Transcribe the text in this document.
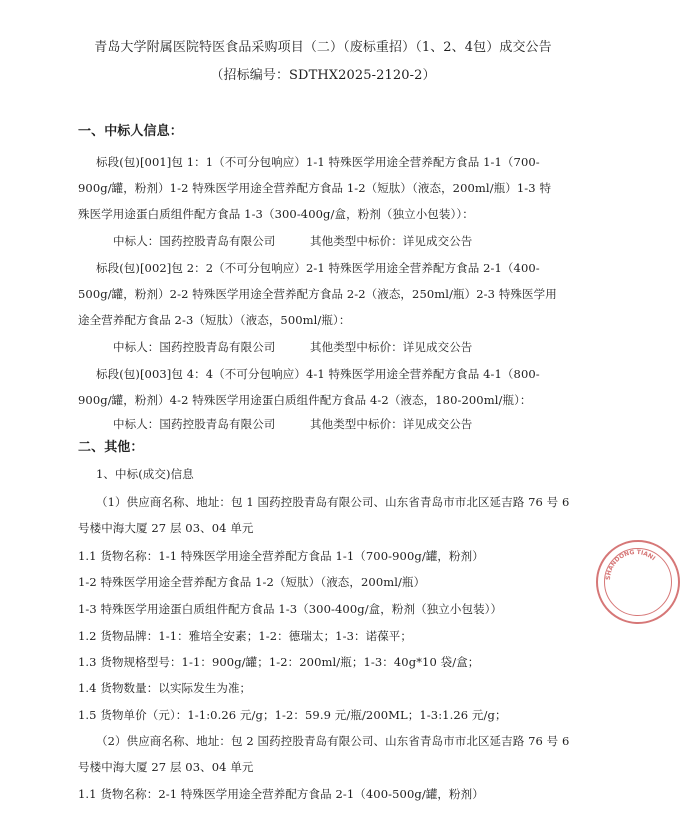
青岛大学附属医院特医食品采购项目（二）（废标重招）（1、2、4包）成交公告
（招标编号：SDTHX2025-2120-2）
一、中标人信息：
标段(包)[001]包 1：1（不可分包响应）1-1 特殊医学用途全营养配方食品 1-1（700-
900g/罐，粉剂）1-2 特殊医学用途全营养配方食品 1-2（短肽）（液态，200ml/瓶）1-3 特
殊医学用途蛋白质组件配方食品 1-3（300-400g/盒，粉剂（独立小包装））：
中标人：国药控股青岛有限公司	其他类型中标价：详见成交公告
标段(包)[002]包 2：2（不可分包响应）2-1 特殊医学用途全营养配方食品 2-1（400-
500g/罐，粉剂）2-2 特殊医学用途全营养配方食品 2-2（液态，250ml/瓶）2-3 特殊医学用
途全营养配方食品 2-3（短肽）（液态，500ml/瓶）：
中标人：国药控股青岛有限公司	其他类型中标价：详见成交公告
标段(包)[003]包 4：4（不可分包响应）4-1 特殊医学用途全营养配方食品 4-1（800-
900g/罐，粉剂）4-2 特殊医学用途蛋白质组件配方食品 4-2（液态，180-200ml/瓶）：
中标人：国药控股青岛有限公司	其他类型中标价：详见成交公告
二、其他：
1、中标(成交)信息
（1）供应商名称、地址：包 1 国药控股青岛有限公司、山东省青岛市市北区延吉路 76 号 6
号楼中海大厦 27 层 03、04 单元
1.1 货物名称：1-1 特殊医学用途全营养配方食品 1-1（700-900g/罐，粉剂）
1-2 特殊医学用途全营养配方食品 1-2（短肽）（液态，200ml/瓶）
1-3 特殊医学用途蛋白质组件配方食品 1-3（300-400g/盒，粉剂（独立小包装））
1.2 货物品牌：1-1：雅培全安素；1-2：德瑞太；1-3：诺葆平；
1.3 货物规格型号：1-1：900g/罐；1-2：200ml/瓶；1-3：40g*10 袋/盒；
1.4 货物数量：以实际发生为准；
1.5 货物单价（元）：1-1:0.26 元/g；1-2：59.9 元/瓶/200ML；1-3:1.26 元/g；
（2）供应商名称、地址：包 2 国药控股青岛有限公司、山东省青岛市市北区延吉路 76 号 6
号楼中海大厦 27 层 03、04 单元
1.1 货物名称：2-1 特殊医学用途全营养配方食品 2-1（400-500g/罐，粉剂）
SHANDONG TIANI
